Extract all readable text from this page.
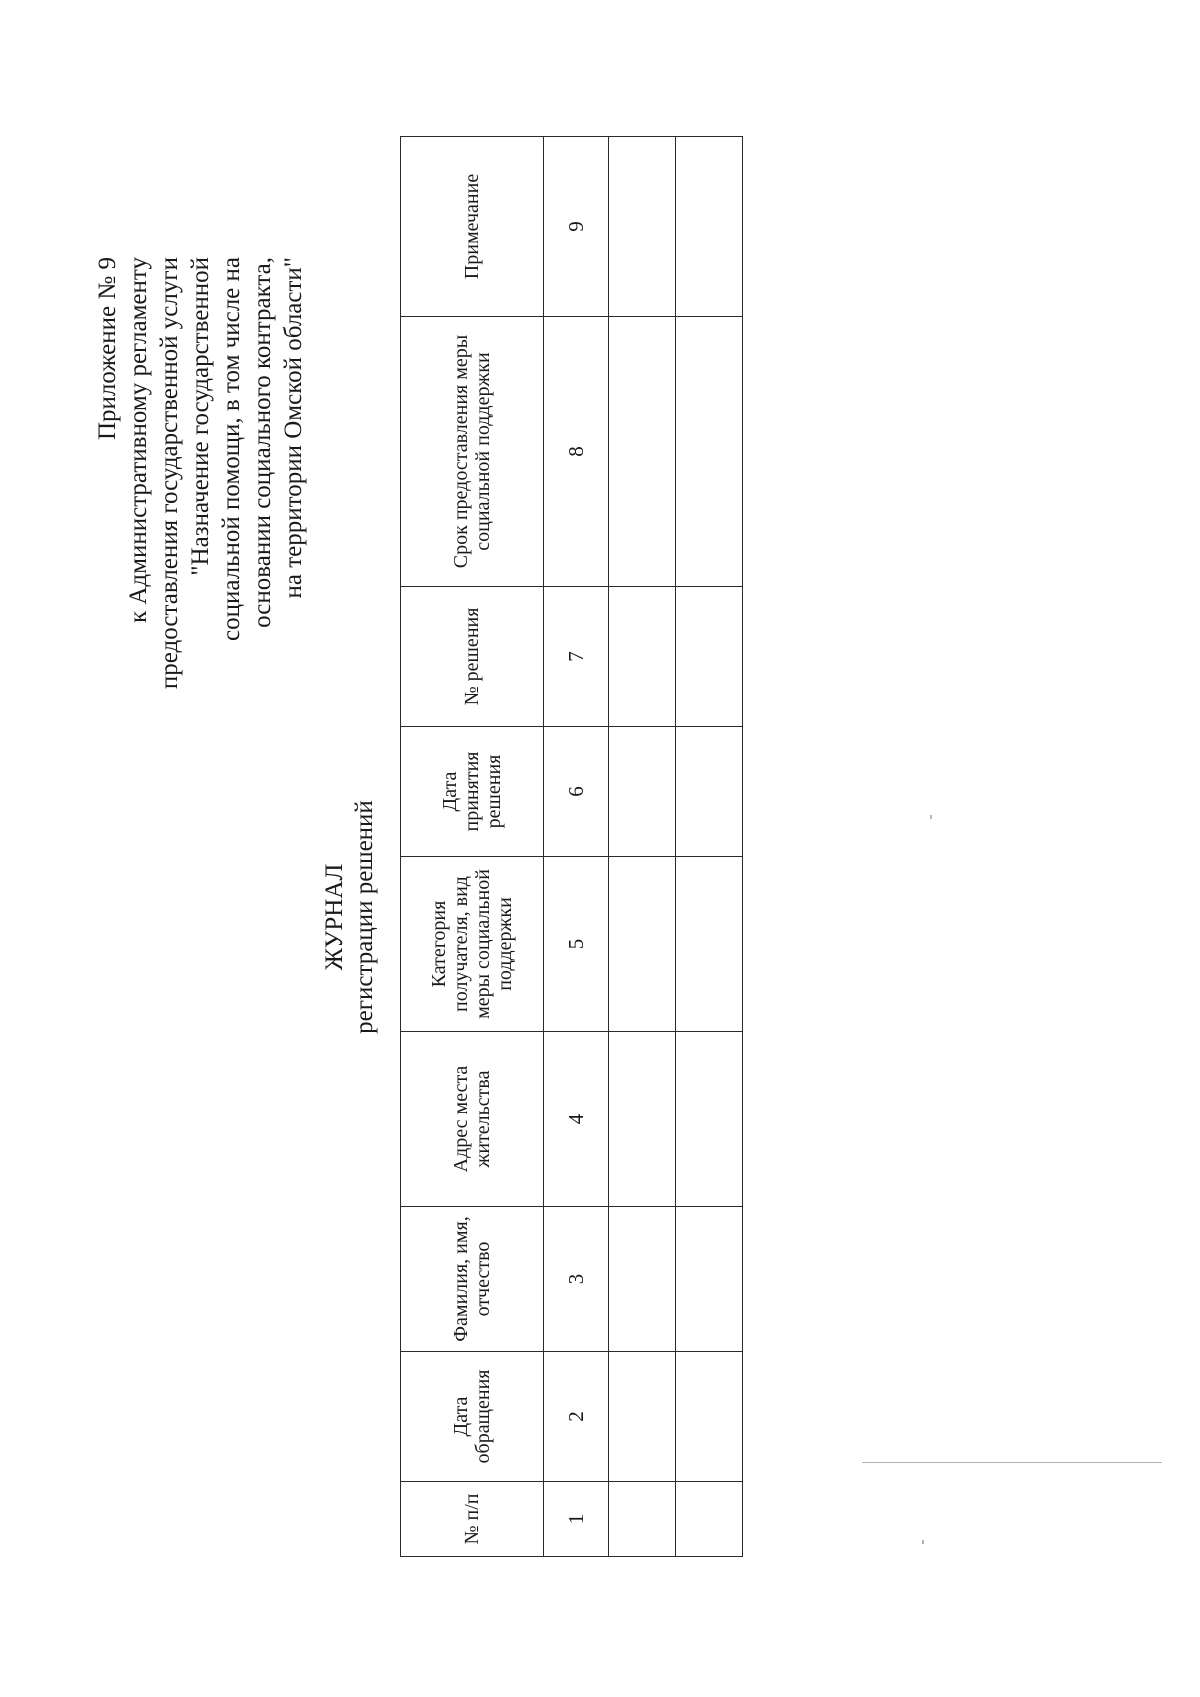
Приложение № 9 к Административному регламенту предоставления государственной услуги "Назначение государственной социальной помощи, в том числе на основании социального контракта, на территории Омской области"
ЖУРНАЛ регистрации решений
№ п/п	Дата обращения	Фамилия, имя, отчество	Адрес места жительства	Категория получателя, вид меры социальной поддержки	Дата принятия решения	№ решения	Срок предоставления меры социальной поддержки	Примечание
1	2	3	4	5	6	7	8	9
